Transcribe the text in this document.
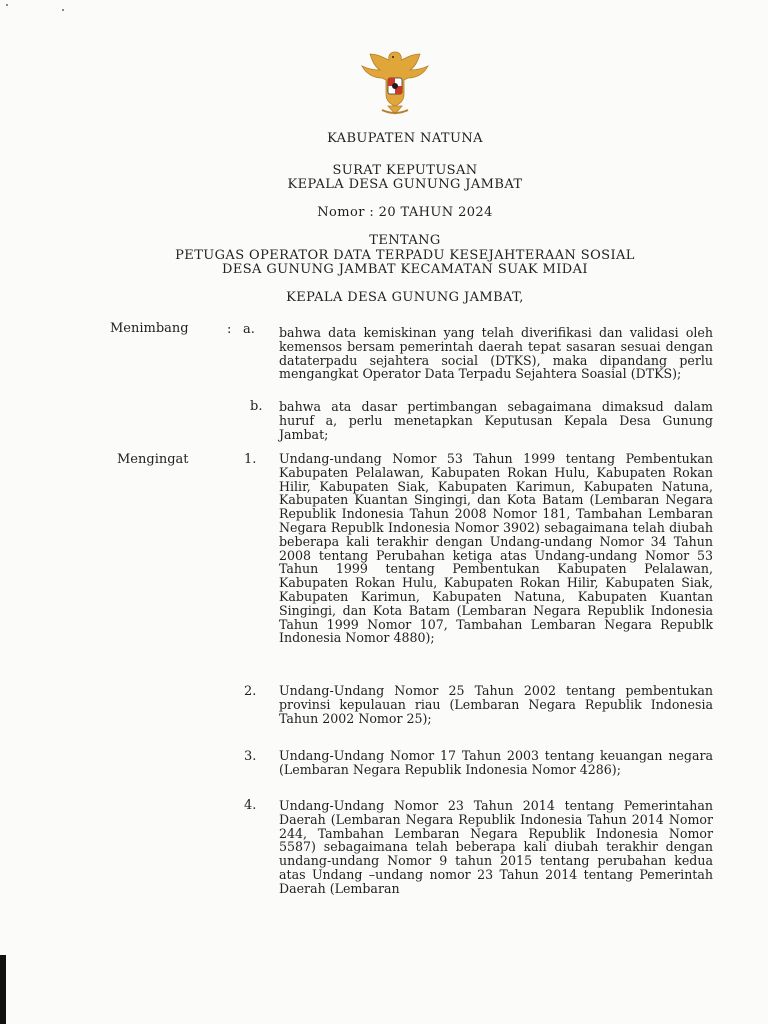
KABUPATEN NATUNA
SURAT KEPUTUSAN
KEPALA DESA GUNUNG JAMBAT
Nomor : 20 TAHUN 2024
TENTANG
PETUGAS OPERATOR DATA TERPADU KESEJAHTERAAN SOSIAL
DESA GUNUNG JAMBAT KECAMATAN SUAK MIDAI
KEPALA DESA GUNUNG JAMBAT,
Menimbang	: a.	bahwa data kemiskinan yang telah diverifikasi dan validasi oleh kemensos bersam pemerintah daerah tepat sasaran sesuai dengan dataterpadu sejahtera social (DTKS), maka dipandang perlu mengangkat Operator Data Terpadu Sejahtera Soasial (DTKS);
b.	bahwa ata dasar pertimbangan sebagaimana dimaksud dalam huruf a, perlu menetapkan Keputusan Kepala Desa Gunung Jambat;
Mengingat	1.	Undang-undang Nomor 53 Tahun 1999 tentang Pembentukan Kabupaten Pelalawan, Kabupaten Rokan Hulu, Kabupaten Rokan Hilir, Kabupaten Siak, Kabupaten Karimun, Kabupaten Natuna, Kabupaten Kuantan Singingi, dan Kota Batam (Lembaran Negara Republik Indonesia Tahun 2008 Nomor 181, Tambahan Lembaran Negara Republk Indonesia Nomor 3902) sebagaimana telah diubah beberapa kali terakhir dengan Undang-undang Nomor 34 Tahun 2008 tentang Perubahan ketiga atas Undang-undang Nomor 53 Tahun 1999 tentang Pembentukan Kabupaten Pelalawan, Kabupaten Rokan Hulu, Kabupaten Rokan Hilir, Kabupaten Siak, Kabupaten Karimun, Kabupaten Natuna, Kabupaten Kuantan Singingi, dan Kota Batam (Lembaran Negara Republik Indonesia Tahun 1999 Nomor 107, Tambahan Lembaran Negara Republk Indonesia Nomor 4880);
2.	Undang-Undang Nomor 25 Tahun 2002 tentang pembentukan provinsi kepulauan riau (Lembaran Negara Republik Indonesia Tahun 2002 Nomor 25);
3.	Undang-Undang Nomor 17 Tahun 2003 tentang keuangan negara (Lembaran Negara Republik Indonesia Nomor 4286);
4.	Undang-Undang Nomor 23 Tahun 2014 tentang Pemerintahan Daerah (Lembaran Negara Republik Indonesia Tahun 2014 Nomor 244, Tambahan Lembaran Negara Republik Indonesia Nomor 5587) sebagaimana telah beberapa kali diubah terakhir dengan undang-undang Nomor 9 tahun 2015 tentang perubahan kedua atas Undang –undang nomor 23 Tahun 2014 tentang Pemerintah Daerah (Lembaran
